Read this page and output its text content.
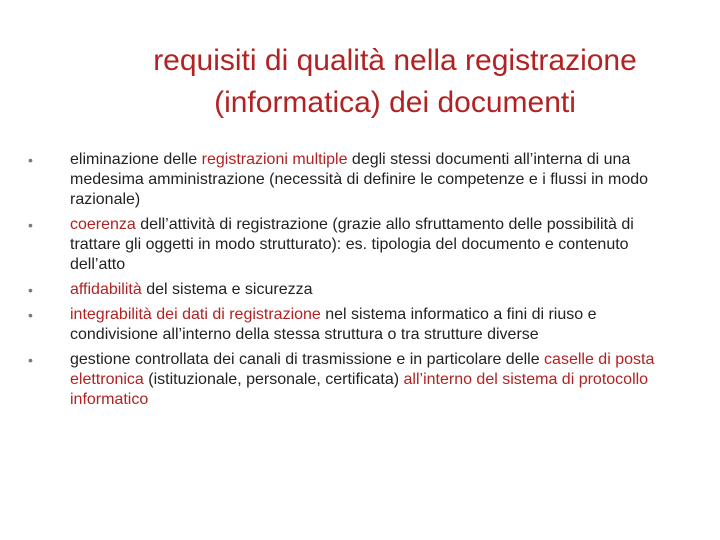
requisiti di qualità nella registrazione
(informatica) dei documenti
•	eliminazione delle registrazioni multiple degli stessi documenti all’interna di una medesima amministrazione (necessità di definire le competenze e i flussi in modo razionale)
•	coerenza dell’attività di registrazione (grazie allo sfruttamento delle possibilità di trattare gli oggetti in modo strutturato): es. tipologia del documento e contenuto dell’atto
•	affidabilità del sistema e sicurezza
•	integrabilità dei dati di registrazione nel sistema informatico a fini di riuso e condivisione all’interno della stessa struttura o tra strutture diverse
•	gestione controllata dei canali di trasmissione e in particolare delle caselle di posta elettronica (istituzionale, personale, certificata) all’interno del sistema di protocollo informatico
